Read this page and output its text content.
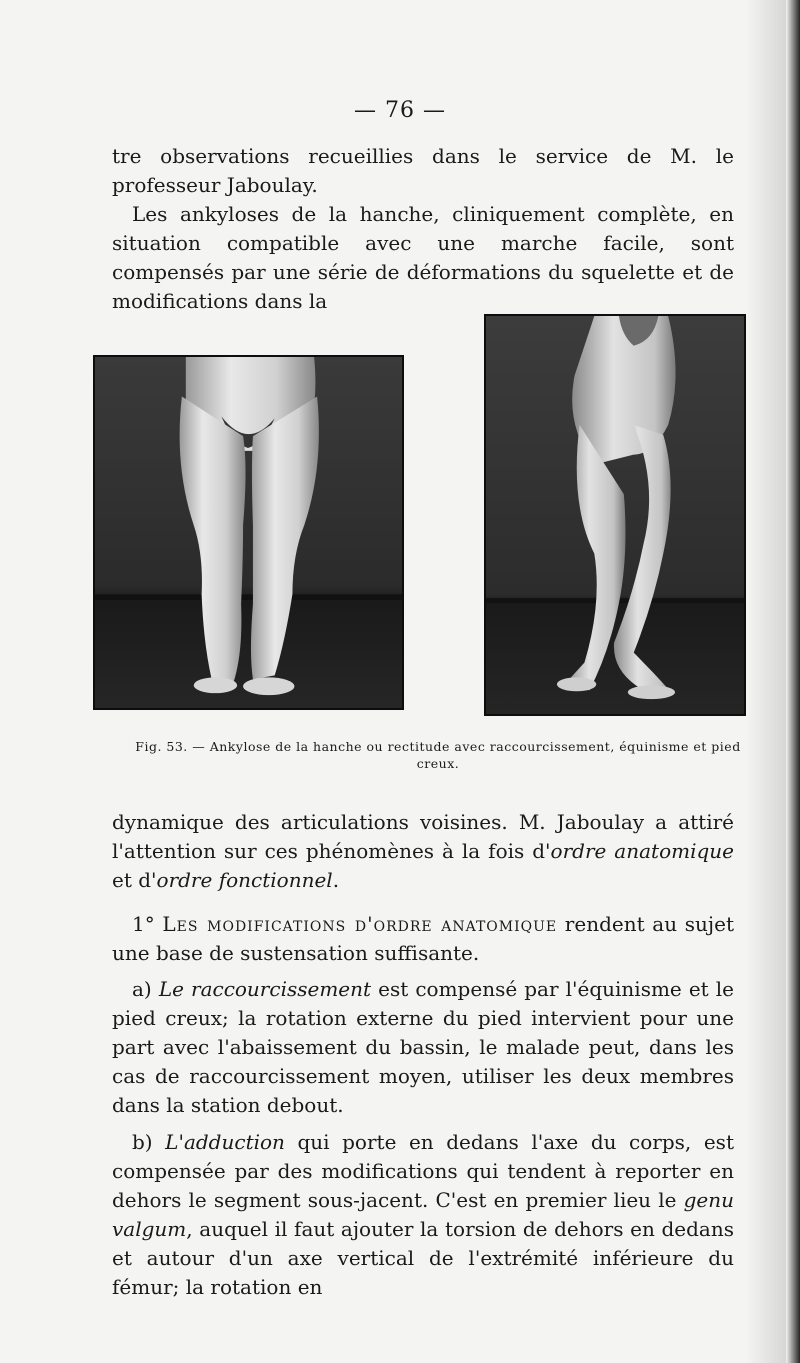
— 76 —

tre observations recueillies dans le service de M. le professeur Jaboulay.

Les ankyloses de la hanche, cliniquement complète, en situation compatible avec une marche facile, sont compensés par une série de déformations du squelette et de modifications dans la

Fig. 53. — Ankylose de la hanche ou rectitude avec raccourcissement, équinisme et pied creux.

dynamique des articulations voisines. M. Jaboulay a attiré l'attention sur ces phénomènes à la fois d'ordre anatomique et d'ordre fonctionnel.

1° Les modifications d'ordre anatomique rendent au sujet une base de sustensation suffisante.

a) Le raccourcissement est compensé par l'équinisme et le pied creux; la rotation externe du pied intervient pour une part avec l'abaissement du bassin, le malade peut, dans les cas de raccourcissement moyen, utiliser les deux membres dans la station debout.

b) L'adduction qui porte en dedans l'axe du corps, est compensée par des modifications qui tendent à reporter en dehors le segment sous-jacent. C'est en premier lieu le genu valgum, auquel il faut ajouter la torsion de dehors en dedans et autour d'un axe vertical de l'extrémité inférieure du fémur; la rotation en
